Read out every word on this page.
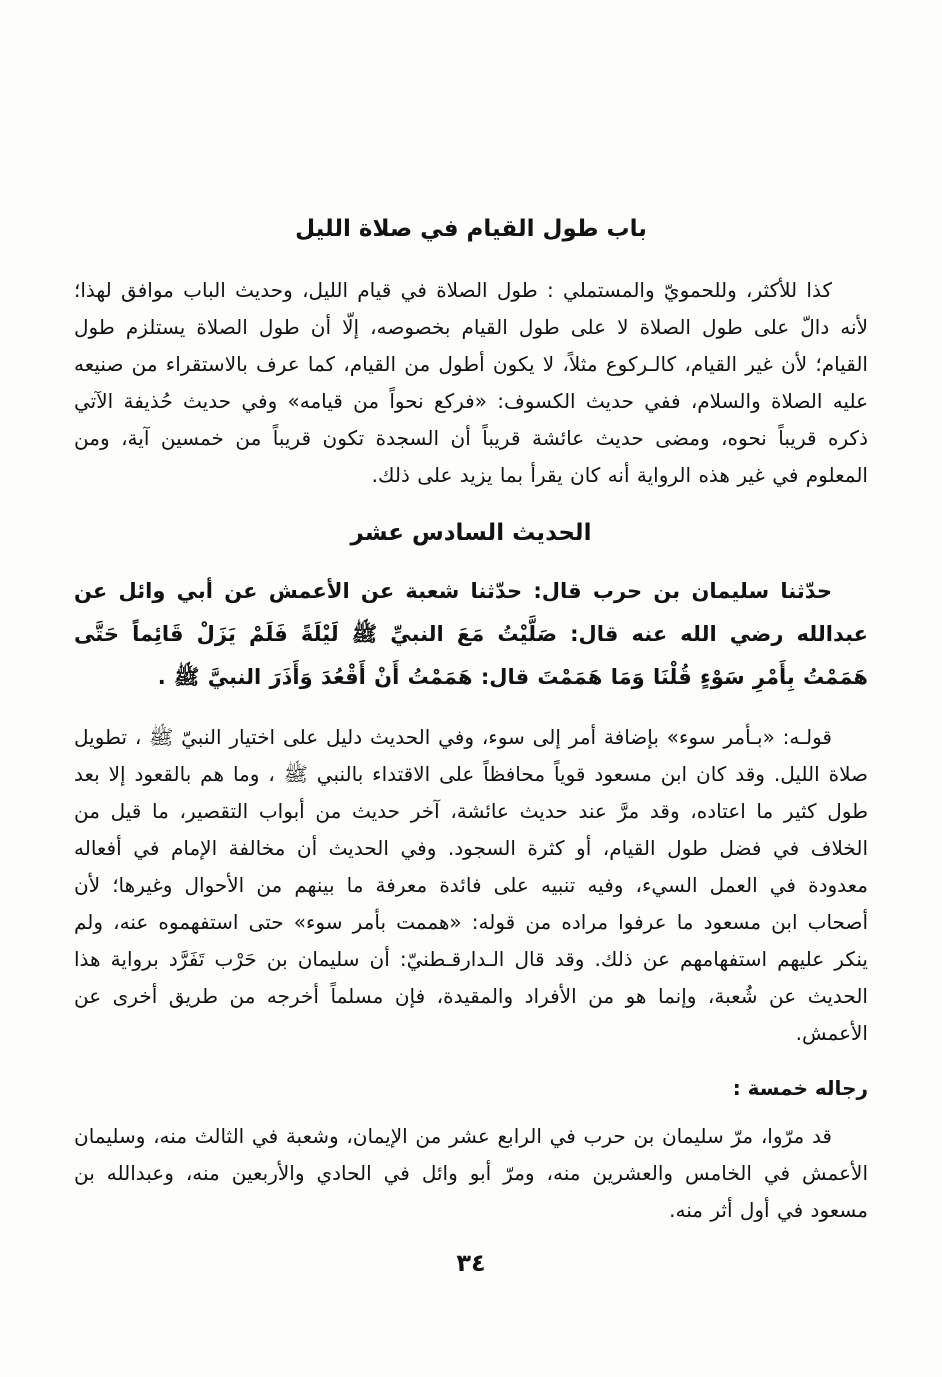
باب طول القيام في صلاة الليل

كذا للأكثر، وللحمويّ والمستملي : طول الصلاة في قيام الليل، وحديث الباب موافق لهذا؛ لأنه دالّ على طول الصلاة لا على طول القيام بخصوصه، إلّا أن طول الصلاة يستلزم طول القيام؛ لأن غير القيام، كالـركوع مثلاً، لا يكون أطول من القيام، كما عرف بالاستقراء من صنيعه عليه الصلاة والسلام، ففي حديث الكسوف: «فركع نحواً من قيامه» وفي حديث حُذيفة الآتي ذكره قريباً نحوه، ومضى حديث عائشة قريباً أن السجدة تكون قريباً من خمسين آية، ومن المعلوم في غير هذه الرواية أنه كان يقرأ بما يزيد على ذلك.

الحديث السادس عشر

حدّثنا سليمان بن حرب قال: حدّثنا شعبة عن الأعمش عن أبي وائل عن عبدالله رضي الله عنه قال: صَلَّيْتُ مَعَ النبيِّ ﷺ لَيْلَةً فَلَمْ يَزَلْ قَائِماً حَتَّى هَمَمْتُ بِأَمْرِ سَوْءٍ قُلْنَا وَمَا هَمَمْتَ قال: هَمَمْتُ أَنْ أَقْعُدَ وَأَذَرَ النبيَّ ﷺ .

قولـه: «بـأمر سوء» بإضافة أمر إلى سوء، وفي الحديث دليل على اختيار النبيّ ﷺ ، تطويل صلاة الليل. وقد كان ابن مسعود قوياً محافظاً على الاقتداء بالنبي ﷺ ، وما هم بالقعود إلا بعد طول كثير ما اعتاده، وقد مرَّ عند حديث عائشة، آخر حديث من أبواب التقصير، ما قيل من الخلاف في فضل طول القيام، أو كثرة السجود. وفي الحديث أن مخالفة الإمام في أفعاله معدودة في العمل السيء، وفيه تنبيه على فائدة معرفة ما بينهم من الأحوال وغيرها؛ لأن أصحاب ابن مسعود ما عرفوا مراده من قوله: «هممت بأمر سوء» حتى استفهموه عنه، ولم ينكر عليهم استفهامهم عن ذلك. وقد قال الـدارقـطنيّ: أن سليمان بن حَرْب تَفَرَّد برواية هذا الحديث عن شُعبة، وإنما هو من الأفراد والمقيدة، فإن مسلماً أخرجه من طريق أخرى عن الأعمش.

رجاله خمسة :

قد مرّوا، مرّ سليمان بن حرب في الرابع عشر من الإيمان، وشعبة في الثالث منه، وسليمان الأعمش في الخامس والعشرين منه، ومرّ أبو وائل في الحادي والأربعين منه، وعبدالله بن مسعود في أول أثر منه.

٣٤
